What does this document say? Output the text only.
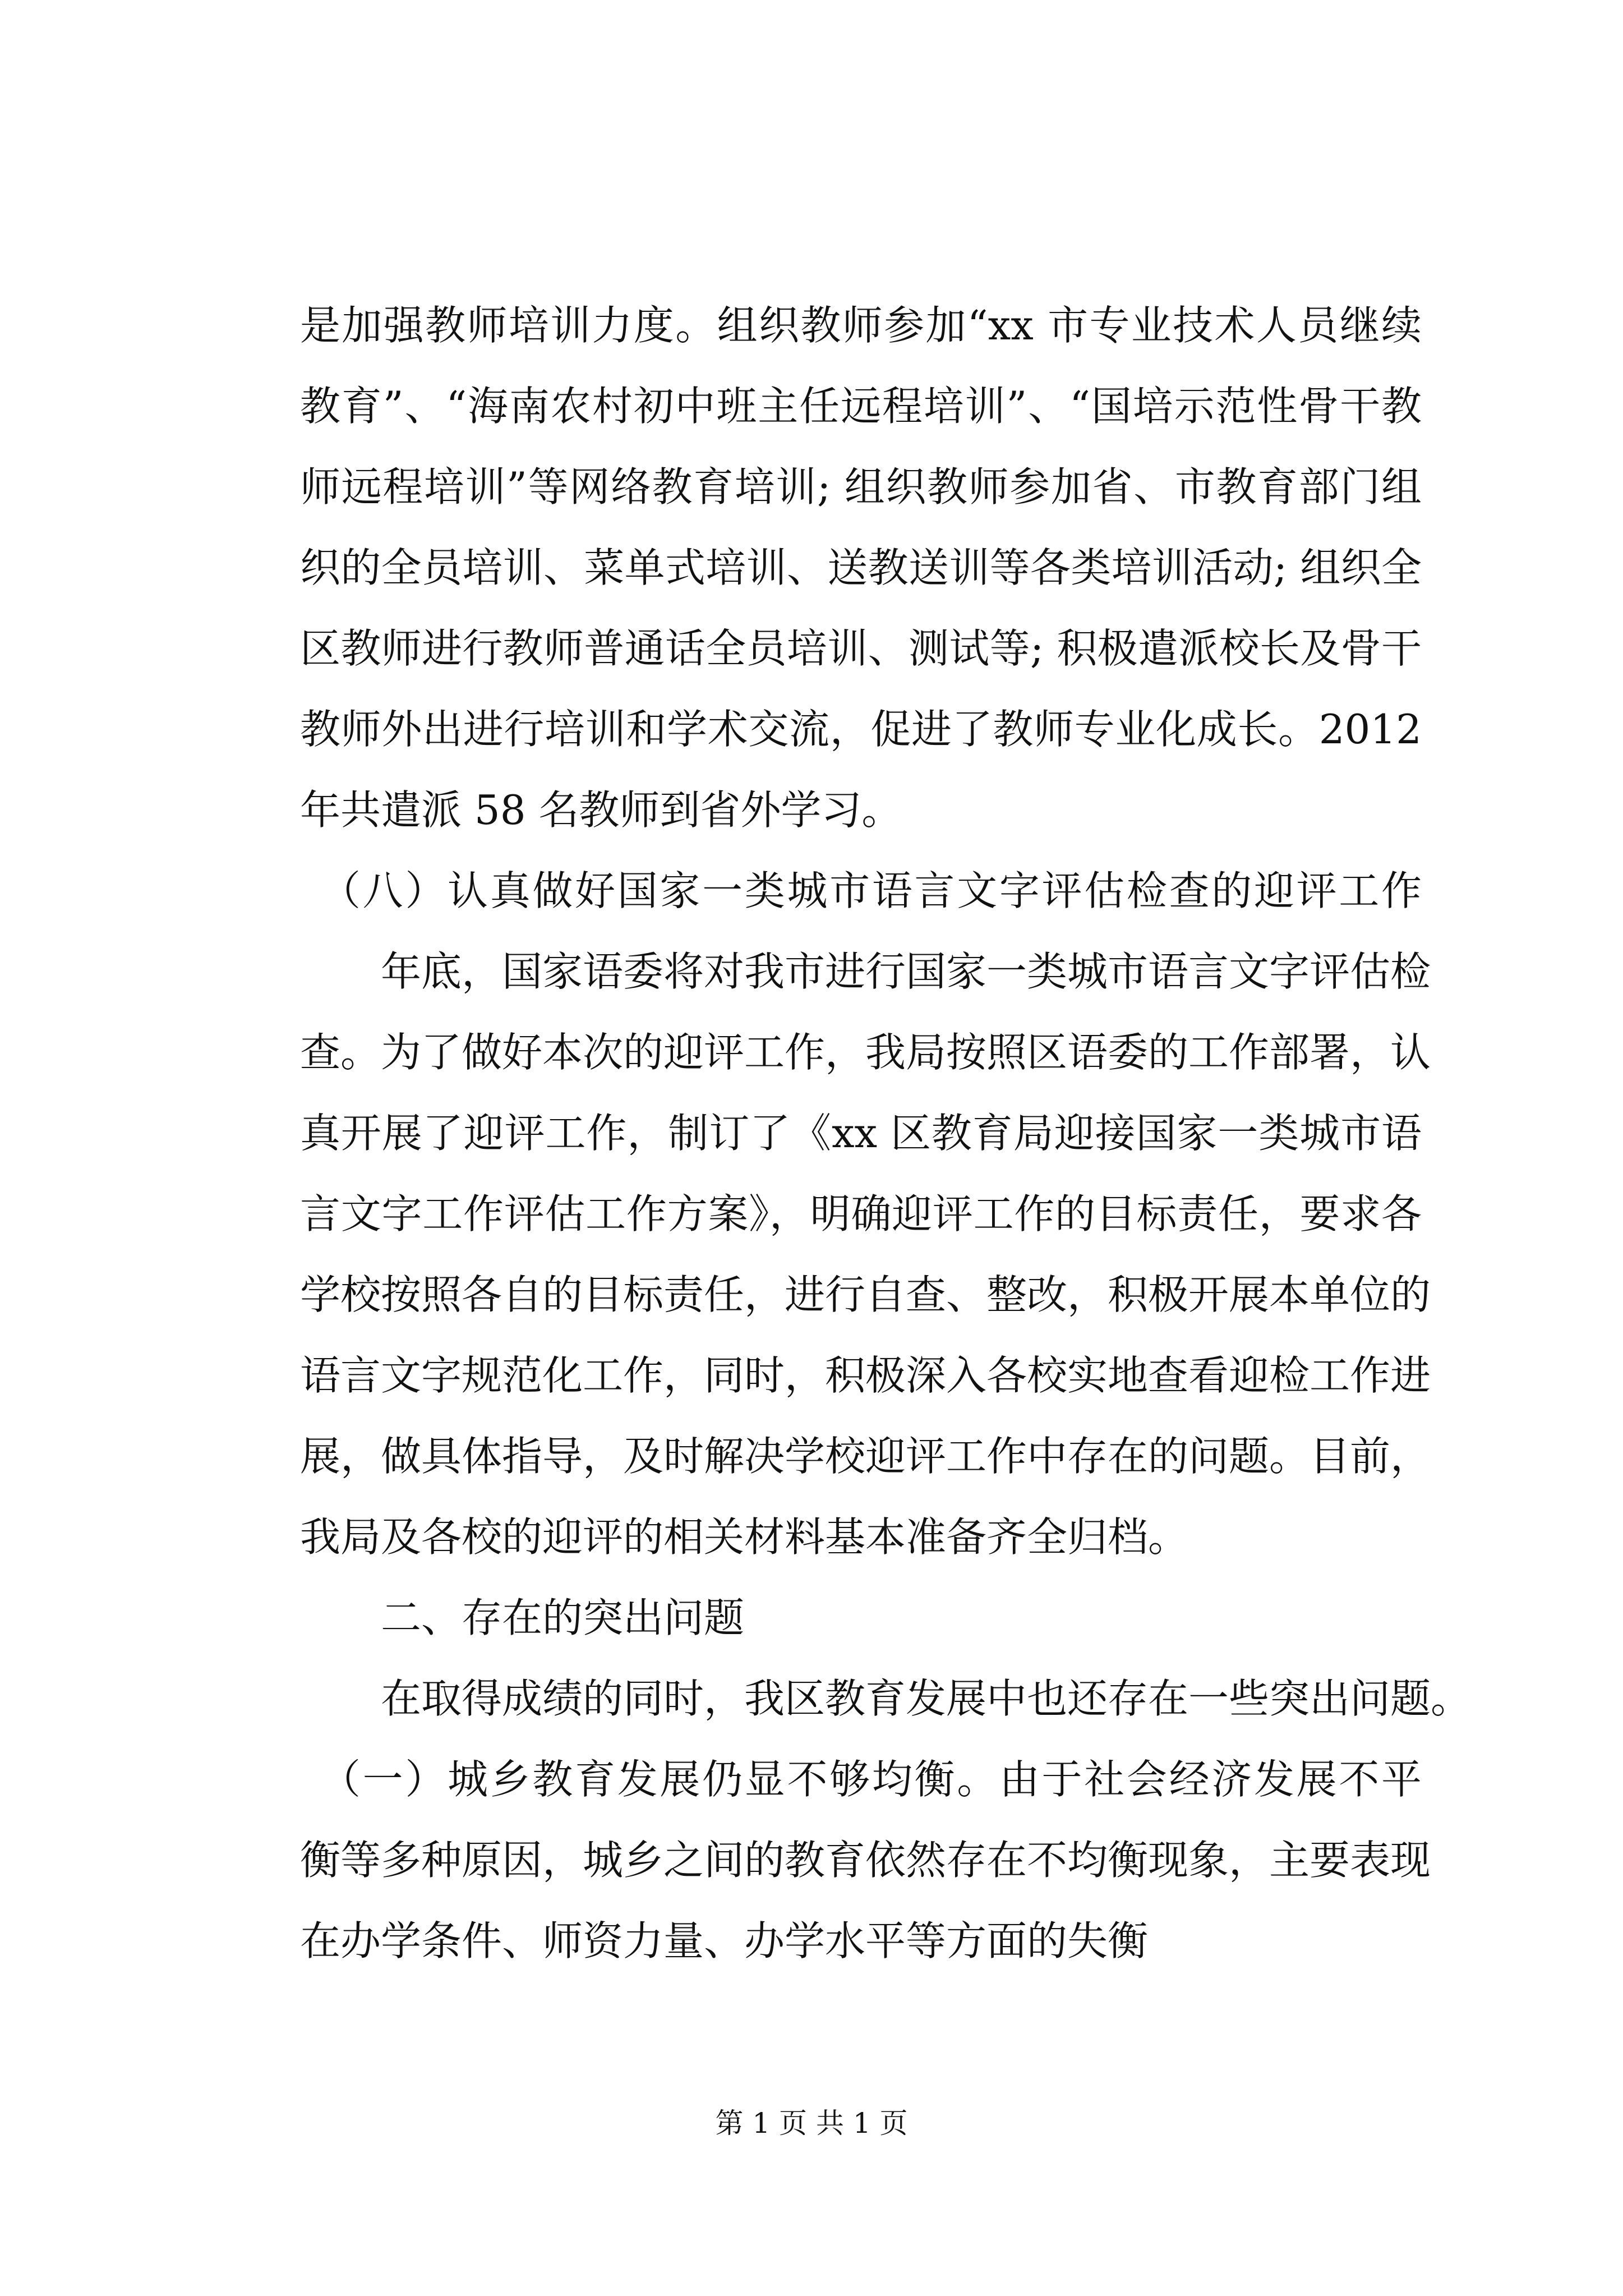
是加强教师培训力度。组织教师参加“xx 市专业技术人员继续
教育”、“海南农村初中班主任远程培训”、“国培示范性骨干教
师远程培训”等网络教育培训; 组织教师参加省、市教育部门组
织的全员培训、菜单式培训、送教送训等各类培训活动; 组织全
区教师进行教师普通话全员培训、测试等; 积极遣派校长及骨干
教师外出进行培训和学术交流，促进了教师专业化成长。2012
年共遣派 58 名教师到省外学习。
（八）认真做好国家一类城市语言文字评估检查的迎评工作
年底，国家语委将对我市进行国家一类城市语言文字评估检
查。为了做好本次的迎评工作，我局按照区语委的工作部署，认
真开展了迎评工作，制订了《xx 区教育局迎接国家一类城市语
言文字工作评估工作方案》，明确迎评工作的目标责任，要求各
学校按照各自的目标责任，进行自查、整改，积极开展本单位的
语言文字规范化工作，同时，积极深入各校实地查看迎检工作进
展，做具体指导，及时解决学校迎评工作中存在的问题。目前，
我局及各校的迎评的相关材料基本准备齐全归档。
二、存在的突出问题
在取得成绩的同时，我区教育发展中也还存在一些突出问题。
（一）城乡教育发展仍显不够均衡。由于社会经济发展不平
衡等多种原因，城乡之间的教育依然存在不均衡现象，主要表现
在办学条件、师资力量、办学水平等方面的失衡
第 1 页 共 1 页
